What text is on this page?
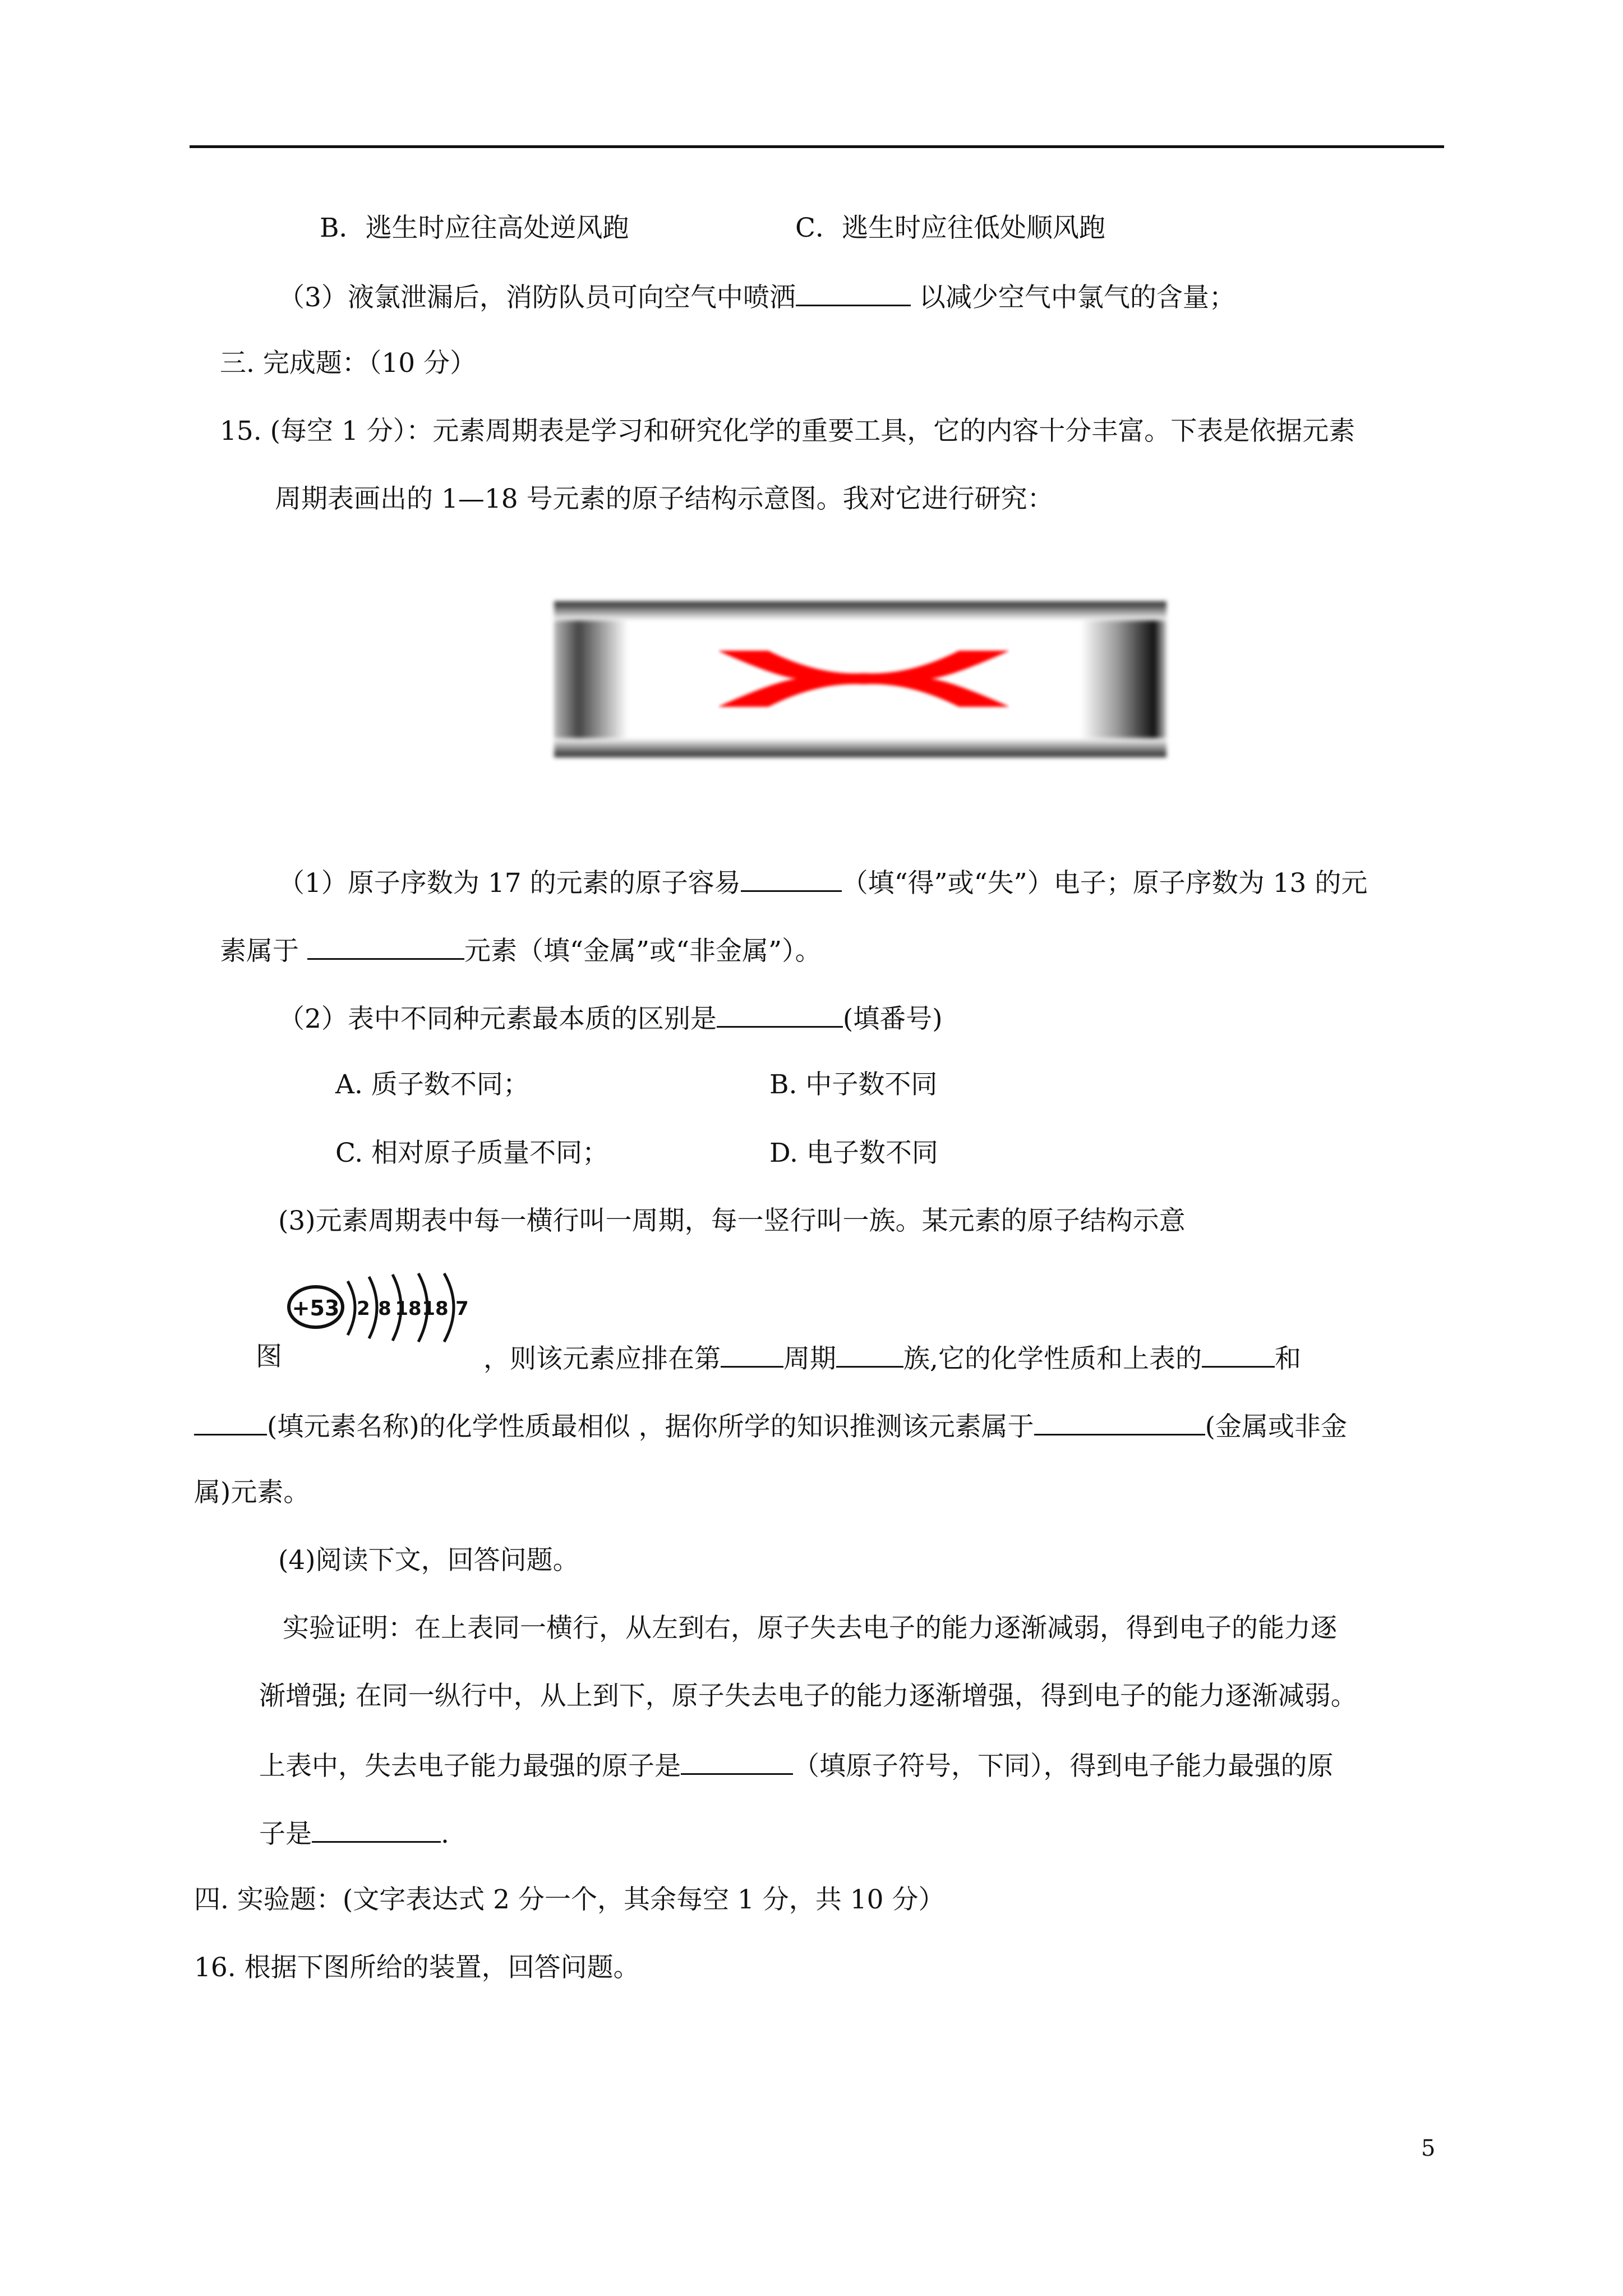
B．逃生时应往高处逆风跑	C．逃生时应往低处顺风跑
（3）液氯泄漏后，消防队员可向空气中喷洒	以减少空气中氯气的含量；
三. 完成题：（10 分）
15. (每空 1 分）：元素周期表是学习和研究化学的重要工具，它的内容十分丰富。下表是依据元素
周期表画出的 1—18 号元素的原子结构示意图。我对它进行研究：
（1）原子序数为 17 的元素的原子容易	（填“得”或“失”）电子；原子序数为 13 的元
素属于	元素（填“金属”或“非金属”）。
（2）表中不同种元素最本质的区别是	(填番号)
A. 质子数不同；	B. 中子数不同
C. 相对原子质量不同；	D. 电子数不同
(3)元素周期表中每一横行叫一周期，每一竖行叫一族。某元素的原子结构示意
+53 2 8 18 18 7
图	，则该元素应排在第 周期	族,它的化学性质和上表的	和
(填元素名称)的化学性质最相似 ，据你所学的知识推测该元素属于	(金属或非金
属)元素。
(4)阅读下文，回答问题。
实验证明：在上表同一横行，从左到右，原子失去电子的能力逐渐减弱，得到电子的能力逐
渐增强; 在同一纵行中，从上到下，原子失去电子的能力逐渐增强，得到电子的能力逐渐减弱。
上表中，失去电子能力最强的原子是	（填原子符号，下同），得到电子能力最强的原
子是	.
四. 实验题：(文字表达式 2 分一个，其余每空 1 分，共 10 分）
16. 根据下图所给的装置，回答问题。
5
